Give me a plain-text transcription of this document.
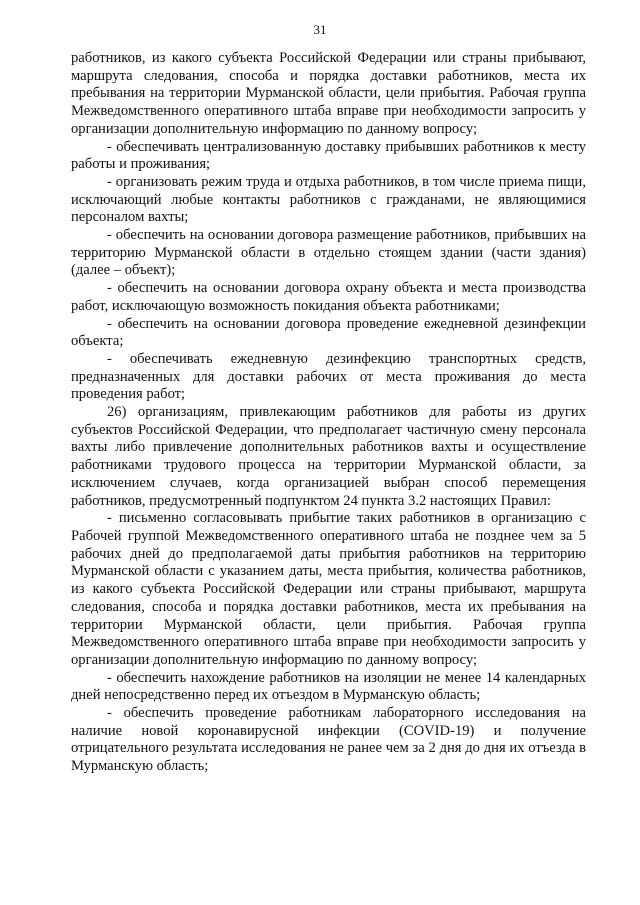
31

работников, из какого субъекта Российской Федерации или страны прибывают, маршрута следования, способа и порядка доставки работников, места их пребывания на территории Мурманской области, цели прибытия. Рабочая группа Межведомственного оперативного штаба вправе при необходимости запросить у организации дополнительную информацию по данному вопросу;

- обеспечивать централизованную доставку прибывших работников к месту работы и проживания;

- организовать режим труда и отдыха работников, в том числе приема пищи, исключающий любые контакты работников с гражданами, не являющимися персоналом вахты;

- обеспечить на основании договора размещение работников, прибывших на территорию Мурманской области в отдельно стоящем здании (части здания) (далее – объект);

- обеспечить на основании договора охрану объекта и места производства работ, исключающую возможность покидания объекта работниками;

- обеспечить на основании договора проведение ежедневной дезинфекции объекта;

- обеспечивать ежедневную дезинфекцию транспортных средств, предназначенных для доставки рабочих от места проживания до места проведения работ;

26) организациям, привлекающим работников для работы из других субъектов Российской Федерации, что предполагает частичную смену персонала вахты либо привлечение дополнительных работников вахты и осуществление работниками трудового процесса на территории Мурманской области, за исключением случаев, когда организацией выбран способ перемещения работников, предусмотренный подпунктом 24 пункта 3.2 настоящих Правил:

- письменно согласовывать прибытие таких работников в организацию с Рабочей группой Межведомственного оперативного штаба не позднее чем за 5 рабочих дней до предполагаемой даты прибытия работников на территорию Мурманской области с указанием даты, места прибытия, количества работников, из какого субъекта Российской Федерации или страны прибывают, маршрута следования, способа и порядка доставки работников, места их пребывания на территории Мурманской области, цели прибытия. Рабочая группа Межведомственного оперативного штаба вправе при необходимости запросить у организации дополнительную информацию по данному вопросу;

- обеспечить нахождение работников на изоляции не менее 14 календарных дней непосредственно перед их отъездом в Мурманскую область;

- обеспечить проведение работникам лабораторного исследования на наличие новой коронавирусной инфекции (COVID-19) и получение отрицательного результата исследования не ранее чем за 2 дня до дня их отъезда в Мурманскую область;
